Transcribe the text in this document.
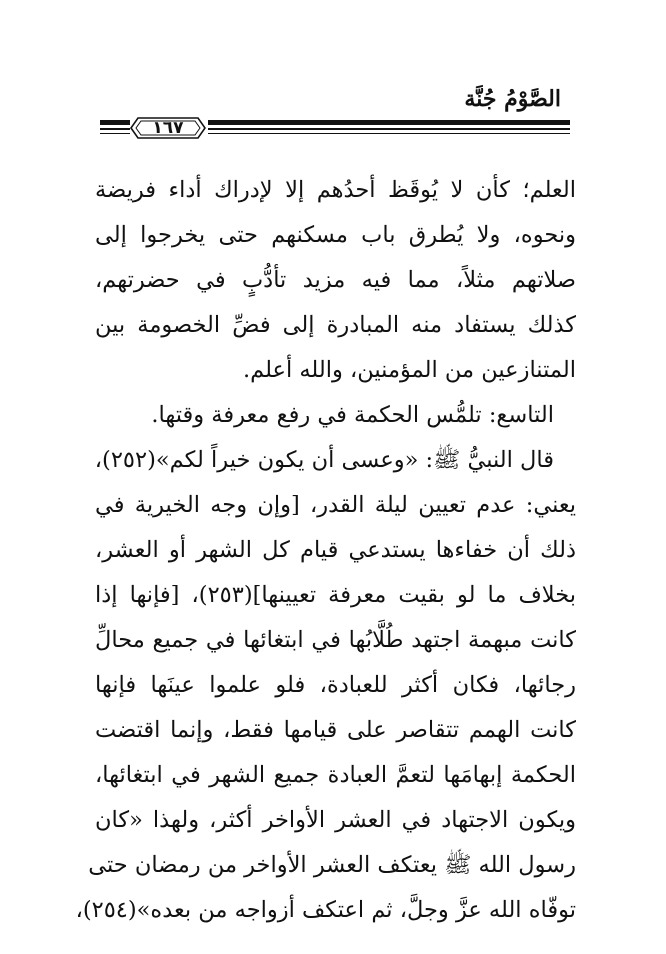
الصَّوْمُ جُنَّة
١٦٧
العلم؛ كأن لا يُوقَظ أحدُهم إلا لإدراك أداء فريضة
ونحوه، ولا يُطرق باب مسكنهم حتى يخرجوا إلى
صلاتهم مثلاً، مما فيه مزيد تأدُّبٍ في حضرتهم،
كذلك يستفاد منه المبادرة إلى فضِّ الخصومة بين
المتنازعين من المؤمنين، والله أعلم.
التاسع: تلمُّس الحكمة في رفع معرفة وقتها.
قال النبيُّ ﷺ: «وعسى أن يكون خيراً لكم»(٢٥٢)،
يعني: عدم تعيين ليلة القدر، [وإن وجه الخيرية في
ذلك أن خفاءها يستدعي قيام كل الشهر أو العشر،
بخلاف ما لو بقيت معرفة تعيينها](٢٥٣)، [فإنها إذا
كانت مبهمة اجتهد طُلَّابُها في ابتغائها في جميع محالِّ
رجائها، فكان أكثر للعبادة، فلو علموا عينَها فإنها
كانت الهمم تتقاصر على قيامها فقط، وإنما اقتضت
الحكمة إبهامَها لتعمَّ العبادة جميع الشهر في ابتغائها،
ويكون الاجتهاد في العشر الأواخر أكثر، ولهذا «كان
رسول الله ﷺ يعتكف العشر الأواخر من رمضان حتى
توفّاه الله عزَّ وجلَّ، ثم اعتكف أزواجه من بعده»(٢٥٤)،
